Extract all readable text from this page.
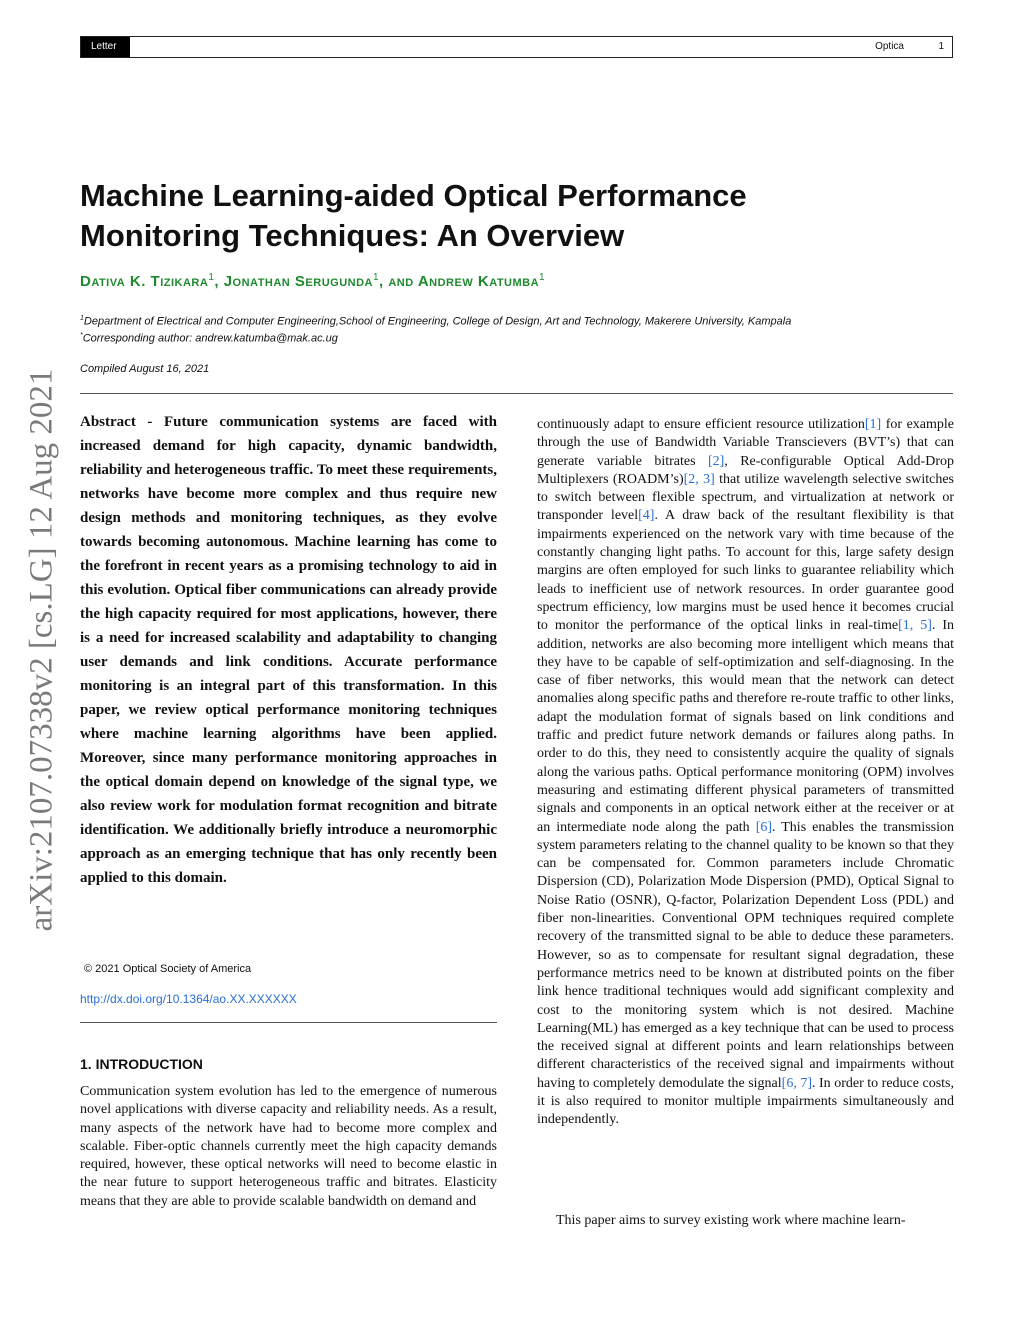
Letter	Optica	1
arXiv:2107.07338v2 [cs.LG] 12 Aug 2021
Machine Learning-aided Optical Performance Monitoring Techniques: An Overview
Dativa K. Tizikara$^1$, Jonathan Serugunda$^1$, and Andrew Katumba$^1$
$^1$Department of Electrical and Computer Engineering,School of Engineering, College of Design, Art and Technology, Makerere University, Kampala
*Corresponding author: andrew.katumba@mak.ac.ug
Compiled August 16, 2021

Abstract - Future communication systems are faced with increased demand for high capacity, dynamic bandwidth, reliability and heterogeneous traffic. To meet these requirements, networks have become more complex and thus require new design methods and monitoring techniques, as they evolve towards becoming autonomous. Machine learning has come to the forefront in recent years as a promising technology to aid in this evolution. Optical fiber communications can already provide the high capacity required for most applications, however, there is a need for increased scalability and adaptability to changing user demands and link conditions. Accurate performance monitoring is an integral part of this transformation. In this paper, we review optical performance monitoring techniques where machine learning algorithms have been applied. Moreover, since many performance monitoring approaches in the optical domain depend on knowledge of the signal type, we also review work for modulation format recognition and bitrate identification. We additionally briefly introduce a neuromorphic approach as an emerging technique that has only recently been applied to this domain.

© 2021 Optical Society of America
http://dx.doi.org/10.1364/ao.XX.XXXXXX
1. INTRODUCTION

Communication system evolution has led to the emergence of numerous novel applications with diverse capacity and reliability needs. As a result, many aspects of the network have had to become more complex and scalable. Fiber-optic channels currently meet the high capacity demands required, however, these optical networks will need to become elastic in the near future to support heterogeneous traffic and bitrates. Elasticity means that they are able to provide scalable bandwidth on demand and

continuously adapt to ensure efficient resource utilization[1] for example through the use of Bandwidth Variable Transcievers (BVT’s) that can generate variable bitrates [2], Re-configurable Optical Add-Drop Multiplexers (ROADM’s)[2, 3] that utilize wavelength selective switches to switch between flexible spectrum, and virtualization at network or transponder level[4]. A draw back of the resultant flexibility is that impairments experienced on the network vary with time because of the constantly changing light paths. To account for this, large safety design margins are often employed for such links to guarantee reliability which leads to inefficient use of network resources. In order guarantee good spectrum efficiency, low margins must be used hence it becomes crucial to monitor the performance of the optical links in real-time[1, 5]. In addition, networks are also becoming more intelligent which means that they have to be capable of self-optimization and self-diagnosing. In the case of fiber networks, this would mean that the network can detect anomalies along specific paths and therefore re-route traffic to other links, adapt the modulation format of signals based on link conditions and traffic and predict future network demands or failures along paths. In order to do this, they need to consistently acquire the quality of signals along the various paths. Optical performance monitoring (OPM) involves measuring and estimating different physical parameters of transmitted signals and components in an optical network either at the receiver or at an intermediate node along the path [6]. This enables the transmission system parameters relating to the channel quality to be known so that they can be compensated for. Common parameters include Chromatic Dispersion (CD), Polarization Mode Dispersion (PMD), Optical Signal to Noise Ratio (OSNR), Q-factor, Polarization Dependent Loss (PDL) and fiber non-linearities. Conventional OPM techniques required complete recovery of the transmitted signal to be able to deduce these parameters. However, so as to compensate for resultant signal degradation, these performance metrics need to be known at distributed points on the fiber link hence traditional techniques would add significant complexity and cost to the monitoring system which is not desired. Machine Learning(ML) has emerged as a key technique that can be used to process the received signal at different points and learn relationships between different characteristics of the received signal and impairments without having to completely demodulate the signal[6, 7]. In order to reduce costs, it is also required to monitor multiple impairments simultaneously and independently.

This paper aims to survey existing work where machine learn-
